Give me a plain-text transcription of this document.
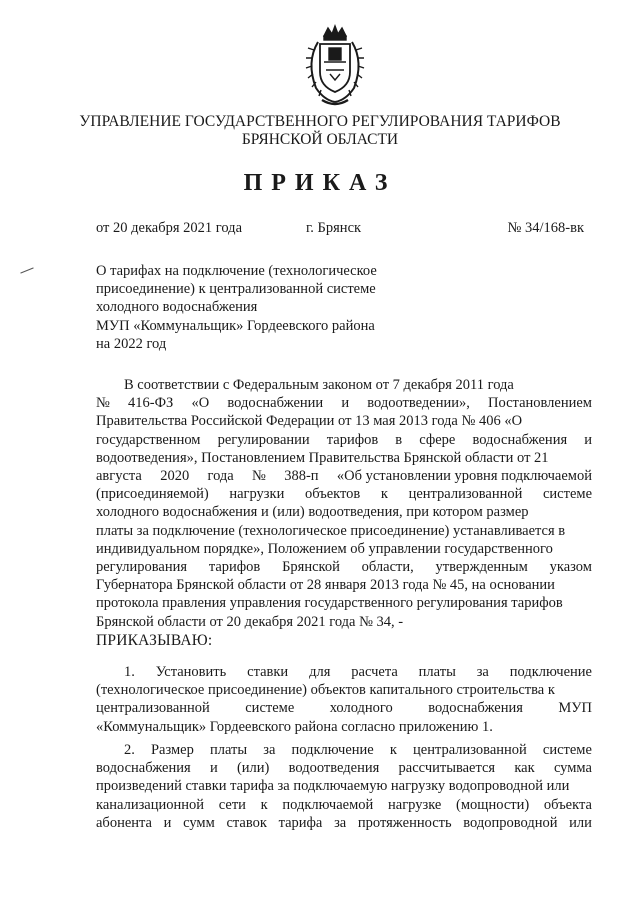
УПРАВЛЕНИЕ ГОСУДАРСТВЕННОГО РЕГУЛИРОВАНИЯ ТАРИФОВ
БРЯНСКОЙ ОБЛАСТИ
ПРИКАЗ
от 20 декабря 2021 года	г. Брянск	№ 34/168-вк
О тарифах на подключение (технологическое
присоединение) к централизованной системе
холодного водоснабжения
МУП «Коммунальщик» Гордеевского района
на 2022 год
В соответствии с Федеральным законом от 7 декабря 2011 года
№ 416-ФЗ «О водоснабжении и водоотведении», Постановлением
Правительства Российской Федерации от 13 мая 2013 года № 406 «О
государственном регулировании тарифов в сфере водоснабжения и
водоотведения», Постановлением Правительства Брянской области от 21
августа 2020 года № 388-п «Об установлении уровня подключаемой
(присоединяемой) нагрузки объектов к централизованной системе
холодного водоснабжения и (или) водоотведения, при котором размер
платы за подключение (технологическое присоединение) устанавливается в
индивидуальном порядке», Положением об управлении государственного
регулирования тарифов Брянской области, утвержденным указом
Губернатора Брянской области от 28 января 2013 года № 45, на основании
протокола правления управления государственного регулирования тарифов
Брянской области от 20 декабря 2021 года № 34, -
ПРИКАЗЫВАЮ:
1. Установить ставки для расчета платы за подключение
(технологическое присоединение) объектов капитального строительства к
централизованной системе холодного водоснабжения МУП
«Коммунальщик» Гордеевского района согласно приложению 1.
2. Размер платы за подключение к централизованной системе
водоснабжения и (или) водоотведения рассчитывается как сумма
произведений ставки тарифа за подключаемую нагрузку водопроводной или
канализационной сети к подключаемой нагрузке (мощности) объекта
абонента и сумм ставок тарифа за протяженность водопроводной или
